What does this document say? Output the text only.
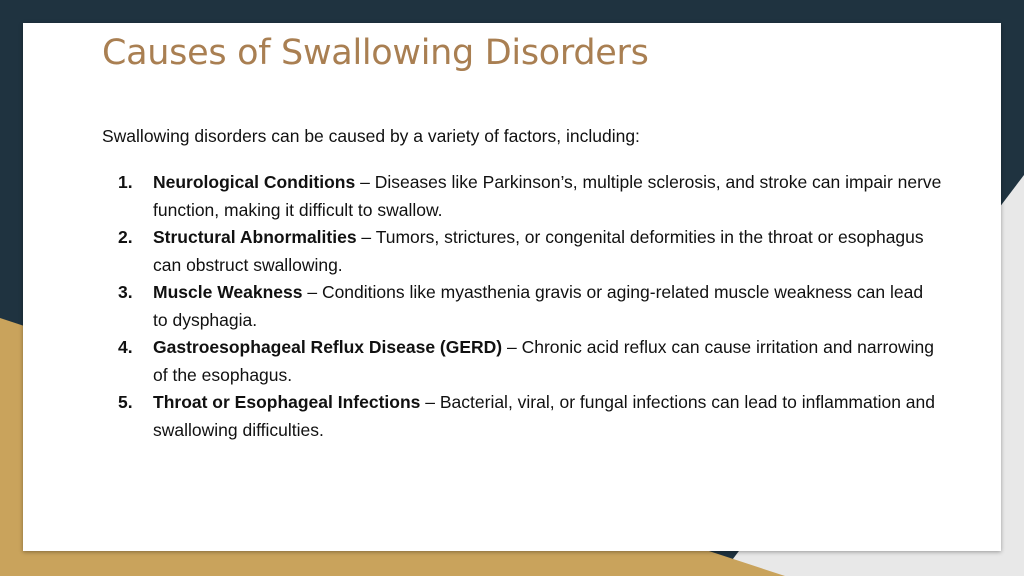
Causes of Swallowing Disorders

Swallowing disorders can be caused by a variety of factors, including:

1. Neurological Conditions – Diseases like Parkinson’s, multiple sclerosis, and stroke can impair nerve function, making it difficult to swallow.
2. Structural Abnormalities – Tumors, strictures, or congenital deformities in the throat or esophagus can obstruct swallowing.
3. Muscle Weakness – Conditions like myasthenia gravis or aging-related muscle weakness can lead to dysphagia.
4. Gastroesophageal Reflux Disease (GERD) – Chronic acid reflux can cause irritation and narrowing of the esophagus.
5. Throat or Esophageal Infections – Bacterial, viral, or fungal infections can lead to inflammation and swallowing difficulties.
